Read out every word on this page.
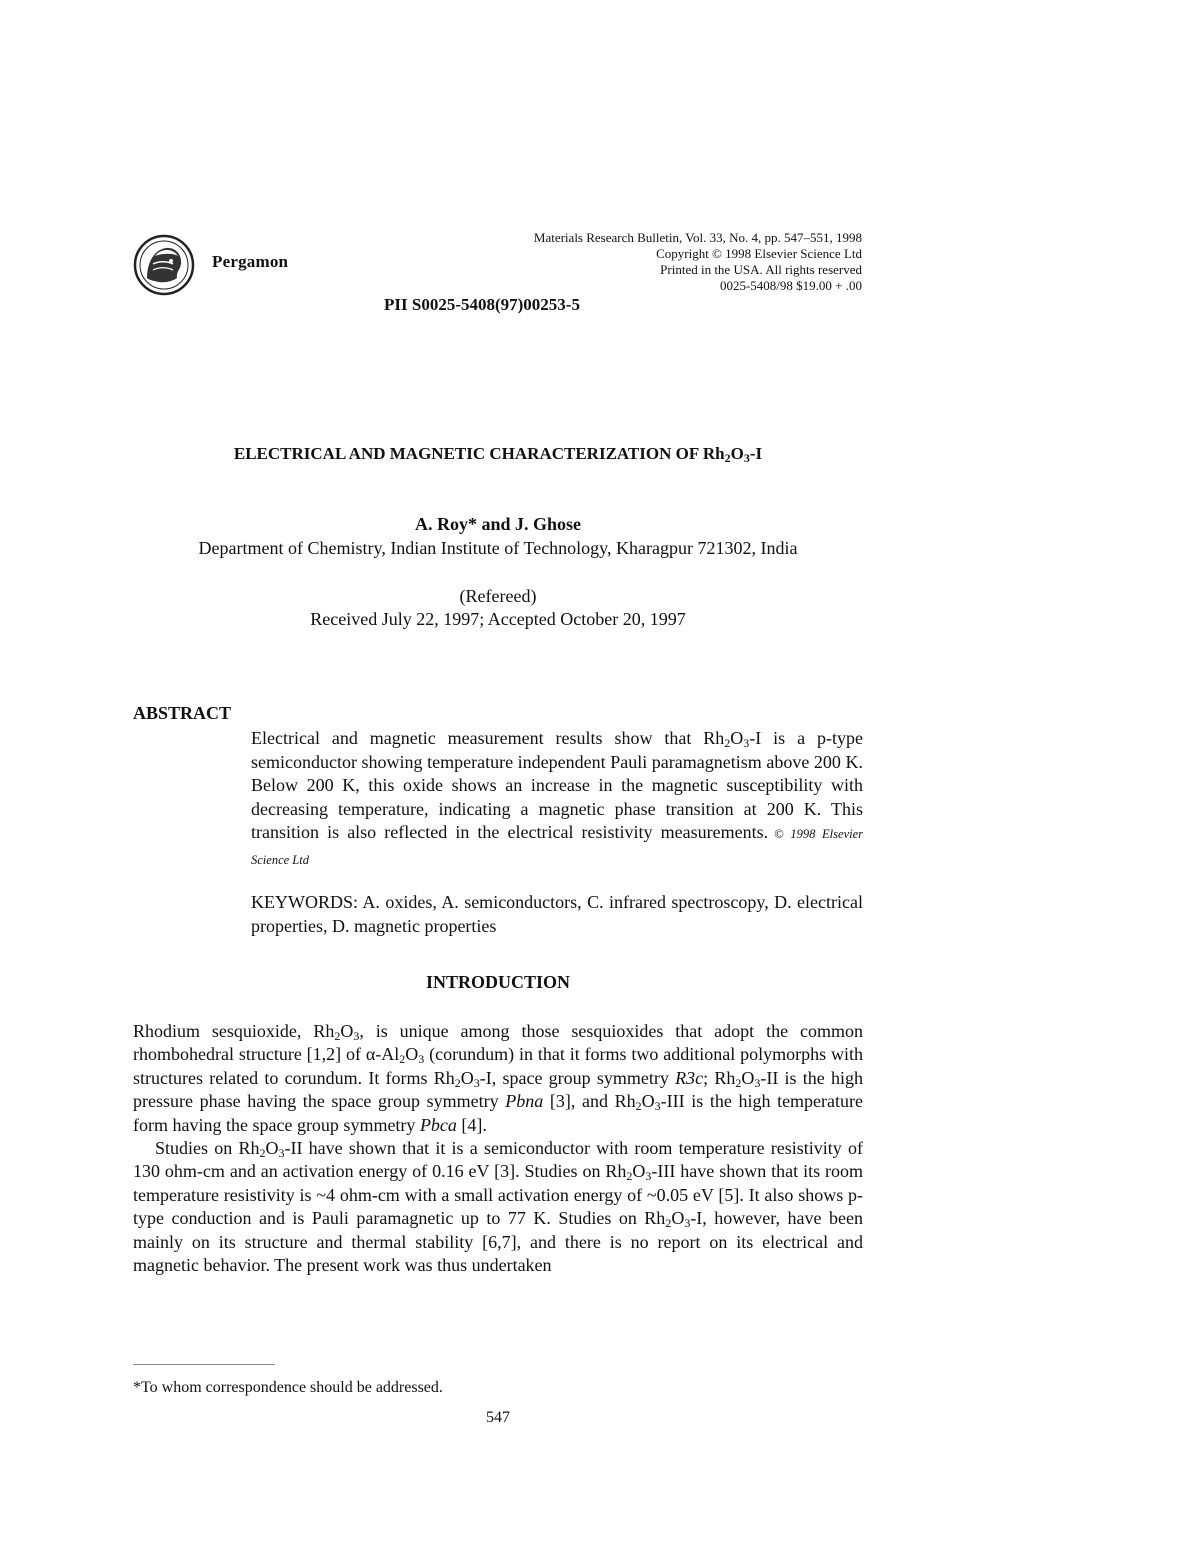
Pergamon
Materials Research Bulletin, Vol. 33, No. 4, pp. 547–551, 1998
Copyright © 1998 Elsevier Science Ltd
Printed in the USA. All rights reserved
0025-5408/98 $19.00 + .00
PII S0025-5408(97)00253-5
ELECTRICAL AND MAGNETIC CHARACTERIZATION OF $Rh_2O_3-I$
A. Roy* and J. Ghose
Department of Chemistry, Indian Institute of Technology, Kharagpur 721302, India
(Refereed)
Received July 22, 1997; Accepted October 20, 1997
ABSTRACT
Electrical and magnetic measurement results show that $Rh_2O_3-I$ is a p-type semiconductor showing temperature independent Pauli paramagnetism above 200 K. Below 200 K, this oxide shows an increase in the magnetic susceptibility with decreasing temperature, indicating a magnetic phase transition at 200 K. This transition is also reflected in the electrical resistivity measurements. © 1998 Elsevier Science Ltd
KEYWORDS: A. oxides, A. semiconductors, C. infrared spectroscopy, D. electrical properties, D. magnetic properties
INTRODUCTION

Rhodium sesquioxide, $Rh_2O_3$, is unique among those sesquioxides that adopt the common rhombohedral structure [1,2] of $\alpha-Al_2O_3$ (corundum) in that it forms two additional polymorphs with structures related to corundum. It forms $Rh_2O_3-I$, space group symmetry R3c; $Rh_2O_3-II$ is the high pressure phase having the space group symmetry Pbna [3], and $Rh_2O_3$-III is the high temperature form having the space group symmetry Pbca [4].

Studies on $Rh_2O_3-II$ have shown that it is a semiconductor with room temperature resistivity of 130 ohm-cm and an activation energy of 0.16 eV [3]. Studies on $Rh_2O_3$-III have shown that its room temperature resistivity is ~4 ohm-cm with a small activation energy of ~0.05 eV [5]. It also shows p-type conduction and is Pauli paramagnetic up to 77 K. Studies on $Rh_2O_3-I$, however, have been mainly on its structure and thermal stability [6,7], and there is no report on its electrical and magnetic behavior. The present work was thus undertaken

*To whom correspondence should be addressed.
547
